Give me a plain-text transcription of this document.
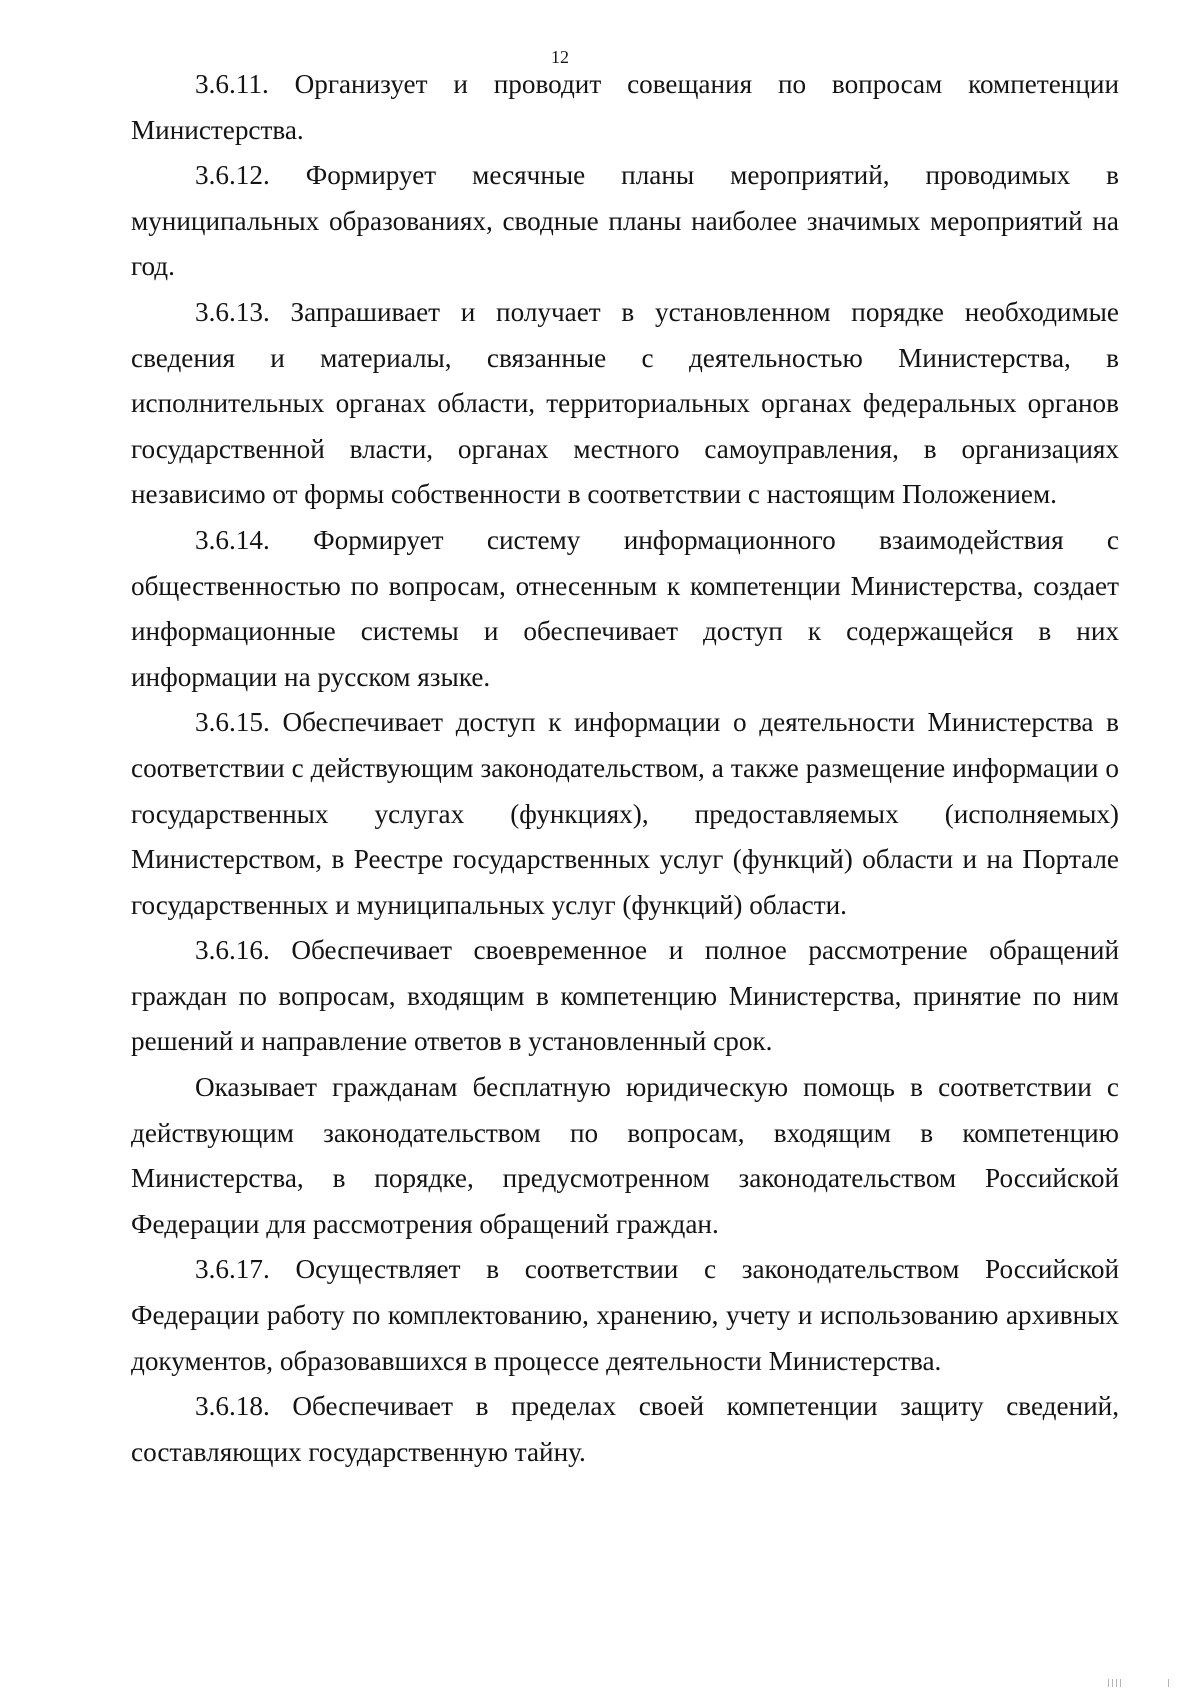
12

3.6.11. Организует и проводит совещания по вопросам компетенции Министерства.

3.6.12. Формирует месячные планы мероприятий, проводимых в муниципальных образованиях, сводные планы наиболее значимых мероприятий на год.

3.6.13. Запрашивает и получает в установленном порядке необходимые сведения и материалы, связанные с деятельностью Министерства, в исполнительных органах области, территориальных органах федеральных органов государственной власти, органах местного самоуправления, в организациях независимо от формы собственности в соответствии с настоящим Положением.

3.6.14. Формирует систему информационного взаимодействия с общественностью по вопросам, отнесенным к компетенции Министерства, создает информационные системы и обеспечивает доступ к содержащейся в них информации на русском языке.

3.6.15. Обеспечивает доступ к информации о деятельности Министерства в соответствии с действующим законодательством, а также размещение информации о государственных услугах (функциях), предоставляемых (исполняемых) Министерством, в Реестре государственных услуг (функций) области и на Портале государственных и муниципальных услуг (функций) области.

3.6.16. Обеспечивает своевременное и полное рассмотрение обращений граждан по вопросам, входящим в компетенцию Министерства, принятие по ним решений и направление ответов в установленный срок.

Оказывает гражданам бесплатную юридическую помощь в соответствии с действующим законодательством по вопросам, входящим в компетенцию Министерства, в порядке, предусмотренном законодательством Российской Федерации для рассмотрения обращений граждан.

3.6.17. Осуществляет в соответствии с законодательством Российской Федерации работу по комплектованию, хранению, учету и использованию архивных документов, образовавшихся в процессе деятельности Министерства.

3.6.18. Обеспечивает в пределах своей компетенции защиту сведений, составляющих государственную тайну.
